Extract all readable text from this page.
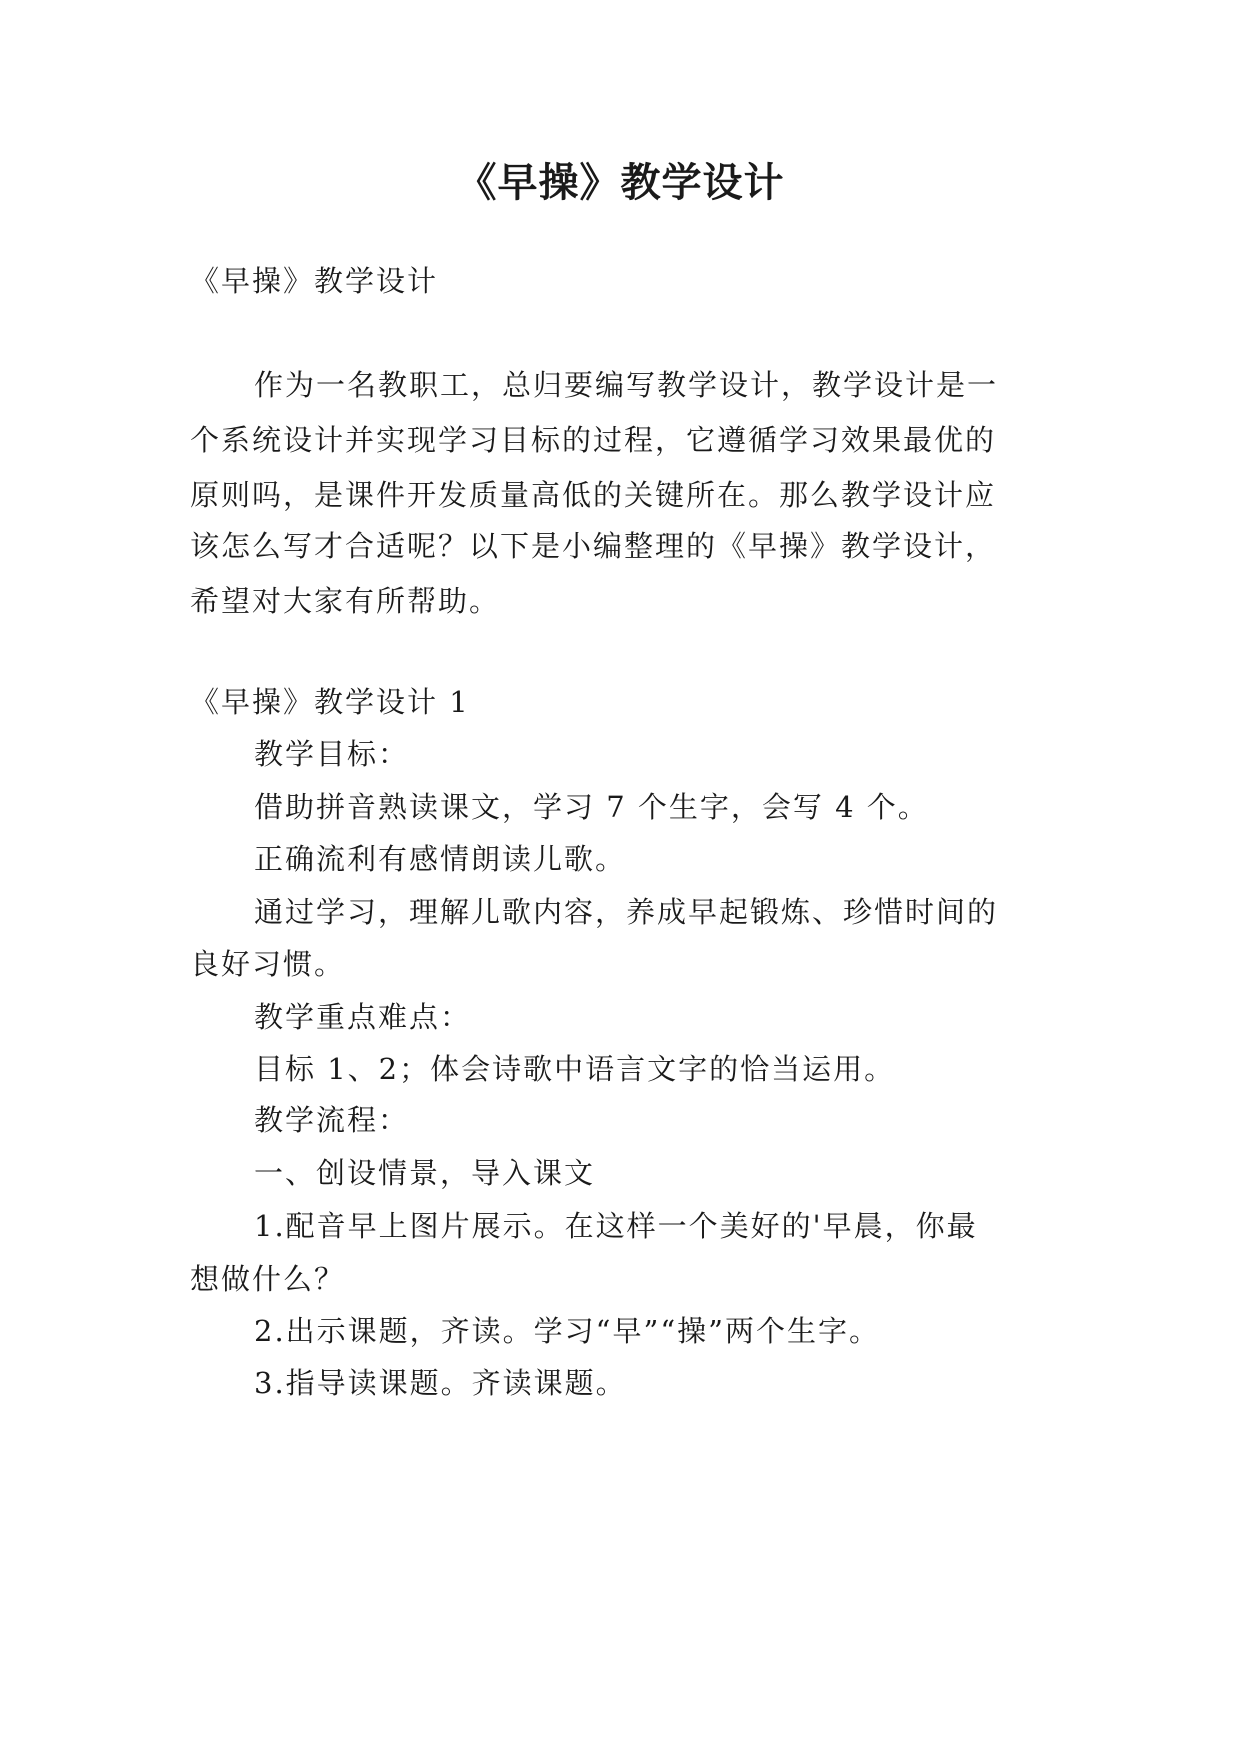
《早操》教学设计

《早操》教学设计

作为一名教职工，总归要编写教学设计，教学设计是一

个系统设计并实现学习目标的过程，它遵循学习效果最优的

原则吗，是课件开发质量高低的关键所在。那么教学设计应

该怎么写才合适呢？以下是小编整理的《早操》教学设计，

希望对大家有所帮助。

《早操》教学设计 1

教学目标：

借助拼音熟读课文，学习 7 个生字，会写 4 个。

正确流利有感情朗读儿歌。

通过学习，理解儿歌内容，养成早起锻炼、珍惜时间的

良好习惯。

教学重点难点：

目标 1、2；体会诗歌中语言文字的恰当运用。

教学流程：

一、创设情景，导入课文

1.配音早上图片展示。在这样一个美好的'早晨，你最

想做什么？

2.出示课题，齐读。学习“早”“操”两个生字。

3.指导读课题。齐读课题。
